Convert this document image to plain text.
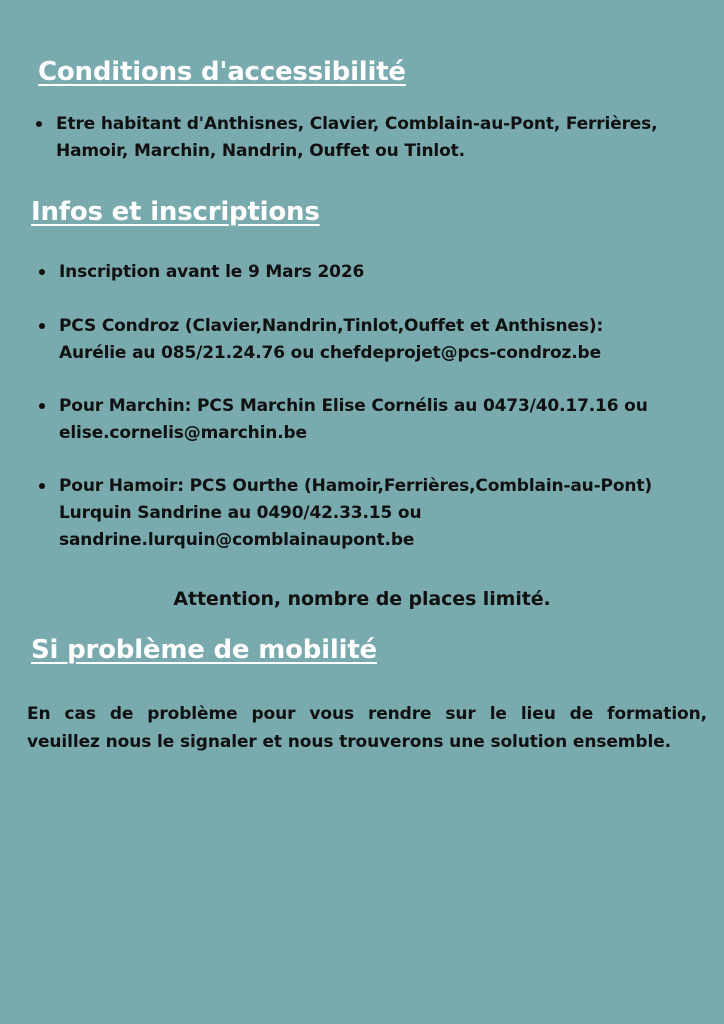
Conditions d'accessibilité
Etre habitant d'Anthisnes, Clavier, Comblain-au-Pont, Ferrières,
Hamoir, Marchin, Nandrin, Ouffet ou Tinlot.
Infos et inscriptions
Inscription avant le 9 Mars 2026
PCS Condroz (Clavier,Nandrin,Tinlot,Ouffet et Anthisnes):
Aurélie au 085/21.24.76 ou chefdeprojet@pcs-condroz.be
Pour Marchin: PCS Marchin Elise Cornélis au 0473/40.17.16 ou
elise.cornelis@marchin.be
Pour Hamoir: PCS Ourthe (Hamoir,Ferrières,Comblain-au-Pont)
Lurquin Sandrine au 0490/42.33.15 ou
sandrine.lurquin@comblainaupont.be

Attention, nombre de places limité.

Si problème de mobilité

En cas de problème pour vous rendre sur le lieu de formation,
veuillez nous le signaler et nous trouverons une solution ensemble.
